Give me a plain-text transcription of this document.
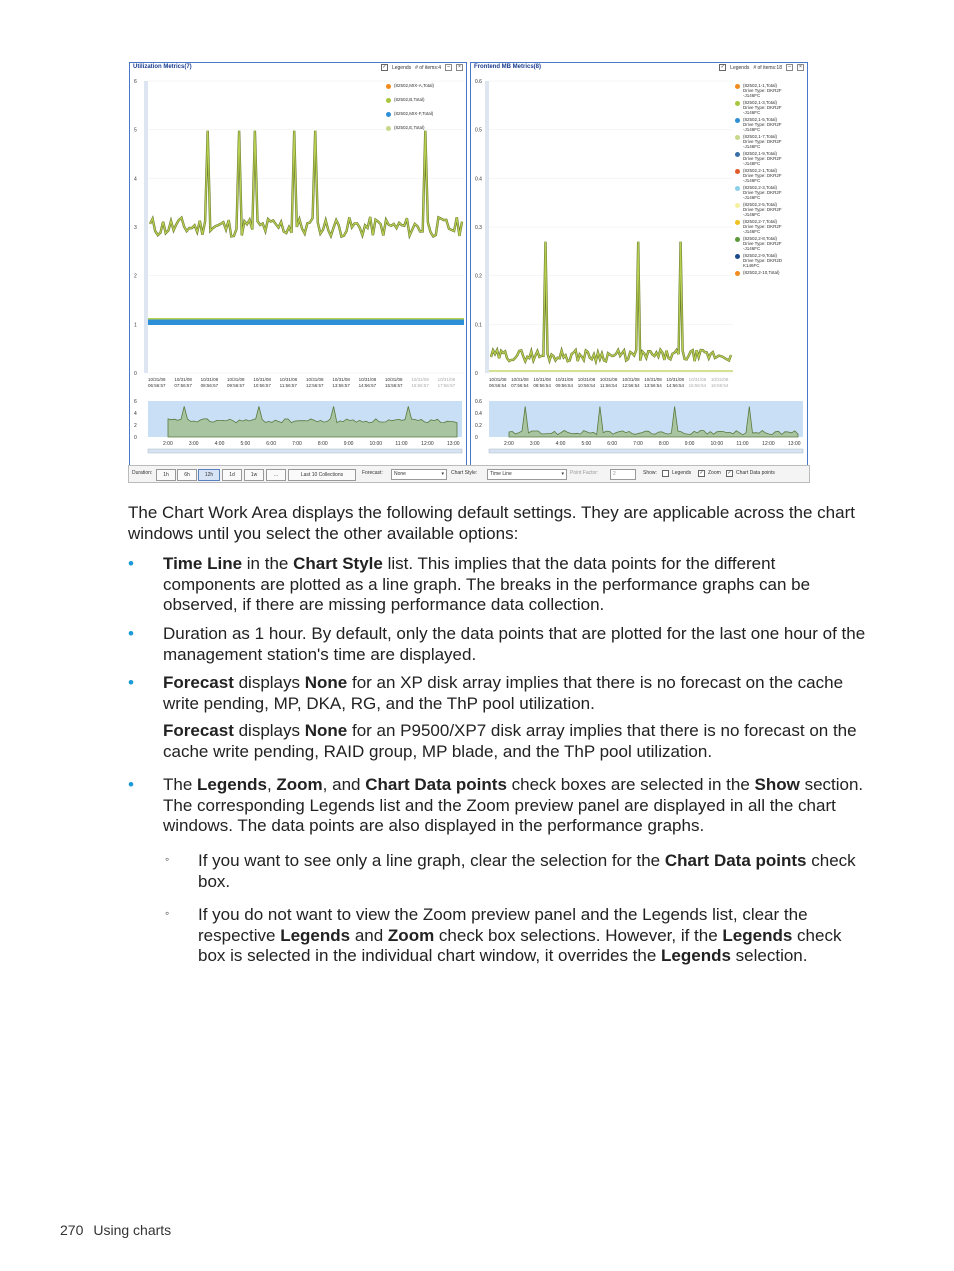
Utilization Metrics(7)	✓ Legends # of items:4	–	×
6
5
4
3
2
1
0
10/31/08
06:56:57
10/31/08
07:56:57
10/31/08
08:56:57
10/31/08
09:56:57
10/31/08
10:56:57
10/31/08
11:56:57
10/31/08
12:56:57
10/31/08
13:56:57
10/31/08
14:56:57
10/31/08
15:56:57
10/31/08
16:56:57
10/31/08
17:56:57
6
4
2
0
2:00	3:00	4:00	5:00	6:00	7:00	8:00	9:00	10:00	11:00	12:00	13:00
(82502,MIX-A,Total)
(82502,B,Total)
(82502,MIX-F,Total)
(82502,E,Total)
Frontend MB Metrics(8)	✓ Legends # of items:18	–	×
0.6
0.5
0.4
0.3
0.2
0.1
0
10/31/08
06:56:54
10/31/08
07:56:54
10/31/08
08:56:54
10/31/08
09:56:54
10/31/08
10:56:54
10/31/08
11:56:54
10/31/08
12:56:54
10/31/08
13:56:54
10/31/08
14:56:54
10/31/08
15:56:54
10/31/08
16:56:54
0.6
0.4
0.2
0
2:00	3:00	4:00	5:00	6:00	7:00	8:00	9:00	10:00	11:00	12:00	13:00
(82502,1-1,Total)
Drive Type: DKR2F
-J146FC
(82502,1-3,Total)
Drive Type: DKR2F
-J146FC
(82502,1-5,Total)
Drive Type: DKR2F
-J146FC
(82502,1-7,Total)
Drive Type: DKR2F
-J146FC
(82502,1-9,Total)
Drive Type: DKR2F
-J146FC
(82502,2-1,Total)
Drive Type: DKR2F
-J146FC
(82502,2-3,Total)
Drive Type: DKR2F
-J146FC
(82502,2-5,Total)
Drive Type: DKR2F
-J146FC
(82502,2-7,Total)
Drive Type: DKR2F
-J146FC
(82502,2-8,Total)
Drive Type: DKR2F
-J146FC
(82502,2-9,Total)
Drive Type: DKR2D
K146FC
(82502,2-10,Total)
Duration:	1h	6h	12h	1d	1w	...	Last 10 Collections	Forecast:	None	▾ Chart Style:	Time Line	▾ Point Factor:	2	Show:	Legends ✓ Zoom ✓ Chart Data points
The Chart Work Area displays the following default settings. They are applicable across the chart windows until you select the other available options:
• Time Line in the Chart Style list. This implies that the data points for the different components are plotted as a line graph. The breaks in the performance graphs can be observed, if there are missing performance data collection.
• Duration as 1 hour. By default, only the data points that are plotted for the last one hour of the management station's time are displayed.
• Forecast displays None for an XP disk array implies that there is no forecast on the cache write pending, MP, DKA, RG, and the ThP pool utilization.
Forecast displays None for an P9500/XP7 disk array implies that there is no forecast on the cache write pending, RAID group, MP blade, and the ThP pool utilization.
• The Legends, Zoom, and Chart Data points check boxes are selected in the Show section. The corresponding Legends list and the Zoom preview panel are displayed in all the chart windows. The data points are also displayed in the performance graphs.
◦ If you want to see only a line graph, clear the selection for the Chart Data points check box.
◦ If you do not want to view the Zoom preview panel and the Legends list, clear the respective Legends and Zoom check box selections. However, if the Legends check box is selected in the individual chart window, it overrides the Legends selection.
270 Using charts
